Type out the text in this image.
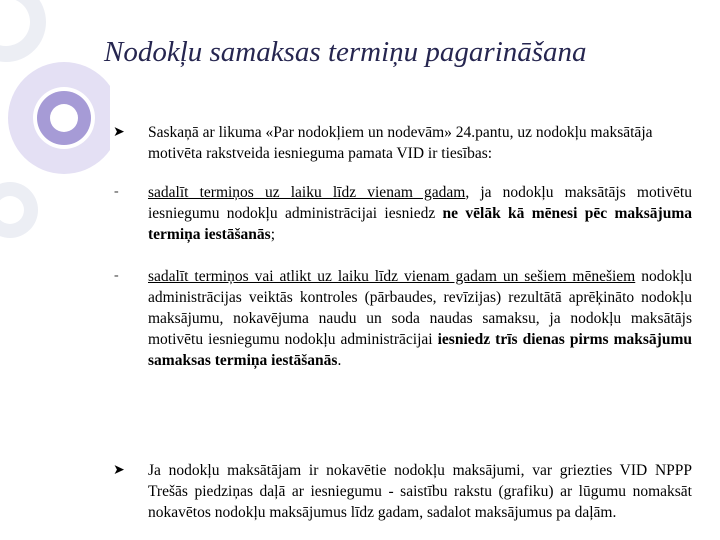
Nodokļu samaksas termiņu pagarināšana
➤ Saskaņā ar likuma «Par nodokļiem un nodevām» 24.pantu, uz nodokļu maksātāja motivēta rakstveida iesnieguma pamata VID ir tiesības:
- sadalīt termiņos uz laiku līdz vienam gadam, ja nodokļu maksātājs motivētu iesniegumu nodokļu administrācijai iesniedz ne vēlāk kā mēnesi pēc maksājuma termiņa iestāšanās;
- sadalīt termiņos vai atlikt uz laiku līdz vienam gadam un sešiem mēnešiem nodokļu administrācijas veiktās kontroles (pārbaudes, revīzijas) rezultātā aprēķināto nodokļu maksājumu, nokavējuma naudu un soda naudas samaksu, ja nodokļu maksātājs motivētu iesniegumu nodokļu administrācijai iesniedz trīs dienas pirms maksājumu samaksas termiņa iestāšanās.
➤ Ja nodokļu maksātājam ir nokavētie nodokļu maksājumi, var griezties VID NPPP Trešās piedziņas daļā ar iesniegumu - saistību rakstu (grafiku) ar lūgumu nomaksāt nokavētos nodokļu maksājumus līdz gadam, sadalot maksājumus pa daļām.
